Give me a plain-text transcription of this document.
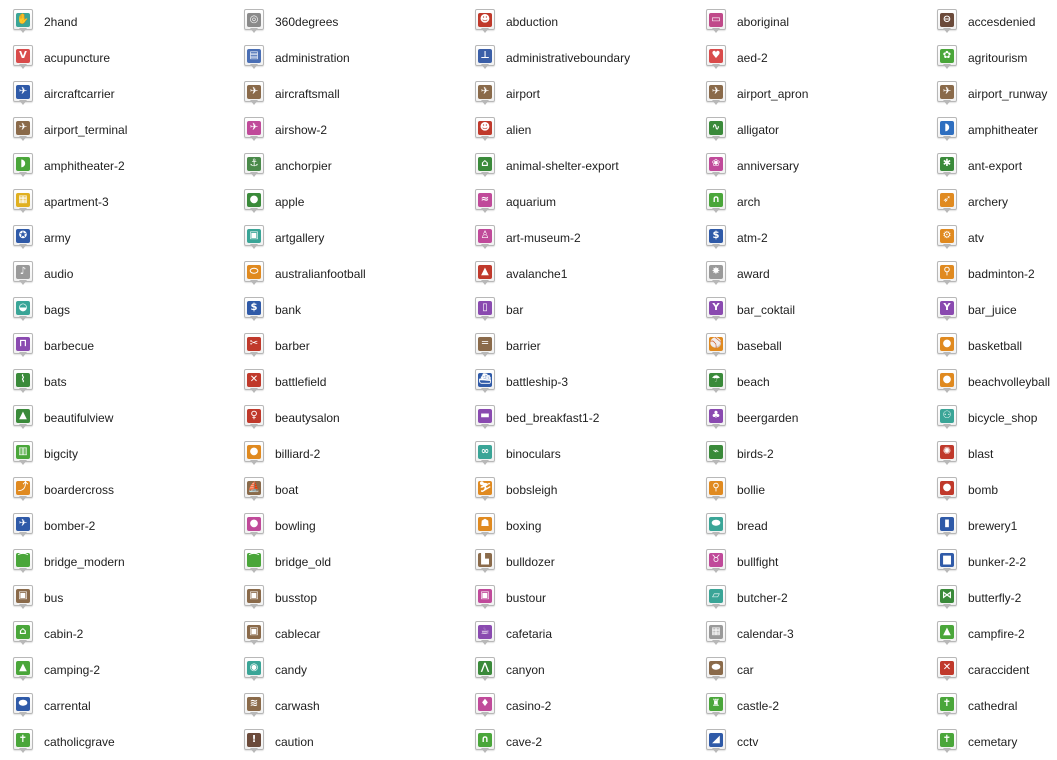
✋ 2hand	◎ 360degrees	☻ abduction	▭ aboriginal	⊖ accesdenied
V acupuncture	▤ administration	⊥ administrativeboundary	♥ aed-2	✿ agritourism
✈ aircraftcarrier	✈ aircraftsmall	✈ airport	✈ airport_apron	✈ airport_runway
✈ airport_terminal	✈ airshow-2	☻ alien	∿ alligator	◗	amphitheater
◗	amphitheater-2	⚓ anchorpier	⌂ animal-shelter-export	❀ anniversary	✱ ant-export
▦ apartment-3	● apple	≈ aquarium	∩ arch	➶ archery
✪ army	▣ artgallery	♙ art-museum-2	$ atm-2	⚙ atv
♪	audio	⬭ australianfootball	▲ avalanche1	✸ award	⚲ badminton-2
◒ bags	$ bank	▯	bar	Y bar_coktail	Y bar_juice
⊓ barbecue	✂ barber	═	barrier	⚾ baseball	● basketball
⌇	bats	✕ battlefield	⛴ battleship-3	☂ beach	● beachvolleyball
▲ beautifulview	♀ beautysalon	▬ bed_breakfast1-2	♣ beergarden	⚇ bicycle_shop
▥ bigcity	● billiard-2	∞ binoculars	⌁	birds-2	✺ blast
⤴ boardercross	⛵ boat	⛷ bobsleigh	⚲ bollie	● bomb
✈ bomber-2	● bowling	☗ boxing	⬬ bread	▮	brewery1
⌒ bridge_modern	⌒ bridge_old	▙ bulldozer	♉ bullfight	▆ bunker-2-2
▣ bus	▣ busstop	▣ bustour	▱ butcher-2	⋈ butterfly-2
⌂ cabin-2	▣ cablecar	☕ cafetaria	▦ calendar-3	▲ campfire-2
▲ camping-2	◉ candy	⋀ canyon	⬬ car	✕ caraccident
⬬ carrental	≋ carwash	♦ casino-2	♜ castle-2	✝ cathedral
✝ catholicgrave	!	caution	∩ cave-2	◢ cctv	✝ cemetary
